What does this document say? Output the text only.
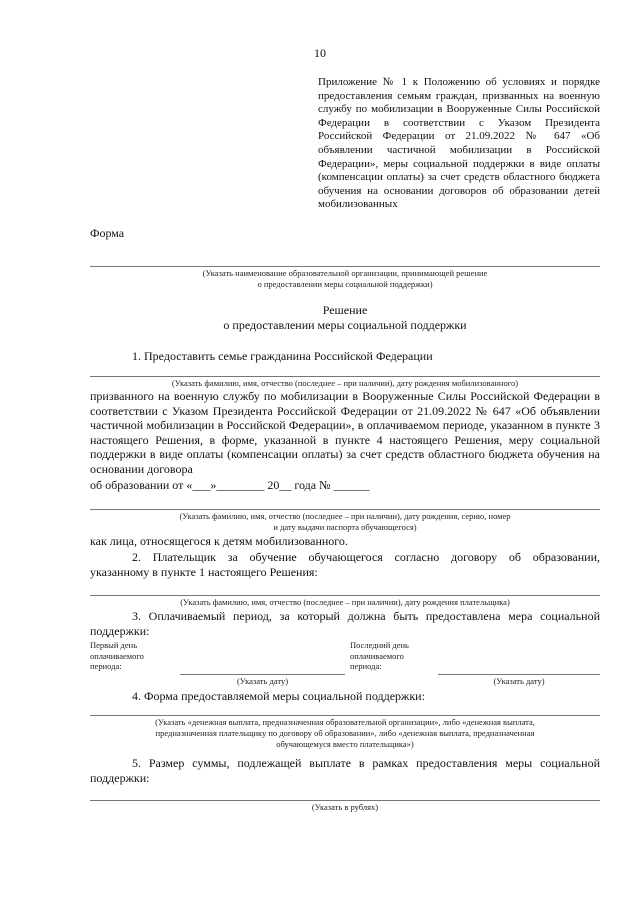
10
Приложение № 1 к Положению об условиях и порядке предоставления семьям граждан, призванных на военную службу по мобилизации в Вооруженные Силы Российской Федерации в соответствии с Указом Президента Российской Федерации от 21.09.2022 № 647 «Об объявлении частичной мобилизации в Российской Федерации», меры социальной поддержки в виде оплаты (компенсации оплаты) за счет средств областного бюджета обучения на основании договоров об образовании детей мобилизованных
Форма
(Указать наименование образовательной организации, принимающей решение
о предоставлении меры социальной поддержки)
Решение
о предоставлении меры социальной поддержки
1. Предоставить семье гражданина Российской Федерации
(Указать фамилию, имя, отчество (последнее – при наличии), дату рождения мобилизованного)
призванного на военную службу по мобилизации в Вооруженные Силы Российской Федерации в соответствии с Указом Президента Российской Федерации от 21.09.2022 № 647 «Об объявлении частичной мобилизации в Российской Федерации», в оплачиваемом периоде, указанном в пункте 3 настоящего Решения, в форме, указанной в пункте 4 настоящего Решения, меру социальной поддержки в виде оплаты (компенсации оплаты) за счет средств областного бюджета обучения на основании договора
об образовании от «___»________ 20__ года № ______
(Указать фамилию, имя, отчество (последнее – при наличии), дату рождения, серию, номер
и дату выдачи паспорта обучающегося)
как лица, относящегося к детям мобилизованного.
2. Плательщик за обучение обучающегося согласно договору об образовании,
указанному в пункте 1 настоящего Решения:
(Указать фамилию, имя, отчество (последнее – при наличии), дату рождения плательщика)
3. Оплачиваемый период, за который должна быть предоставлена мера социальной
поддержки:
Первый день
оплачиваемого
периода:
(Указать дату)
Последний день
оплачиваемого
периода:
(Указать дату)
4. Форма предоставляемой меры социальной поддержки:
(Указать «денежная выплата, предназначенная образовательной организации», либо «денежная выплата,
предназначенная плательщику по договору об образовании», либо «денежная выплата, предназначенная
обучающемуся вместо плательщика»)
5. Размер суммы, подлежащей выплате в рамках предоставления меры социальной
поддержки:
(Указать в рублях)
